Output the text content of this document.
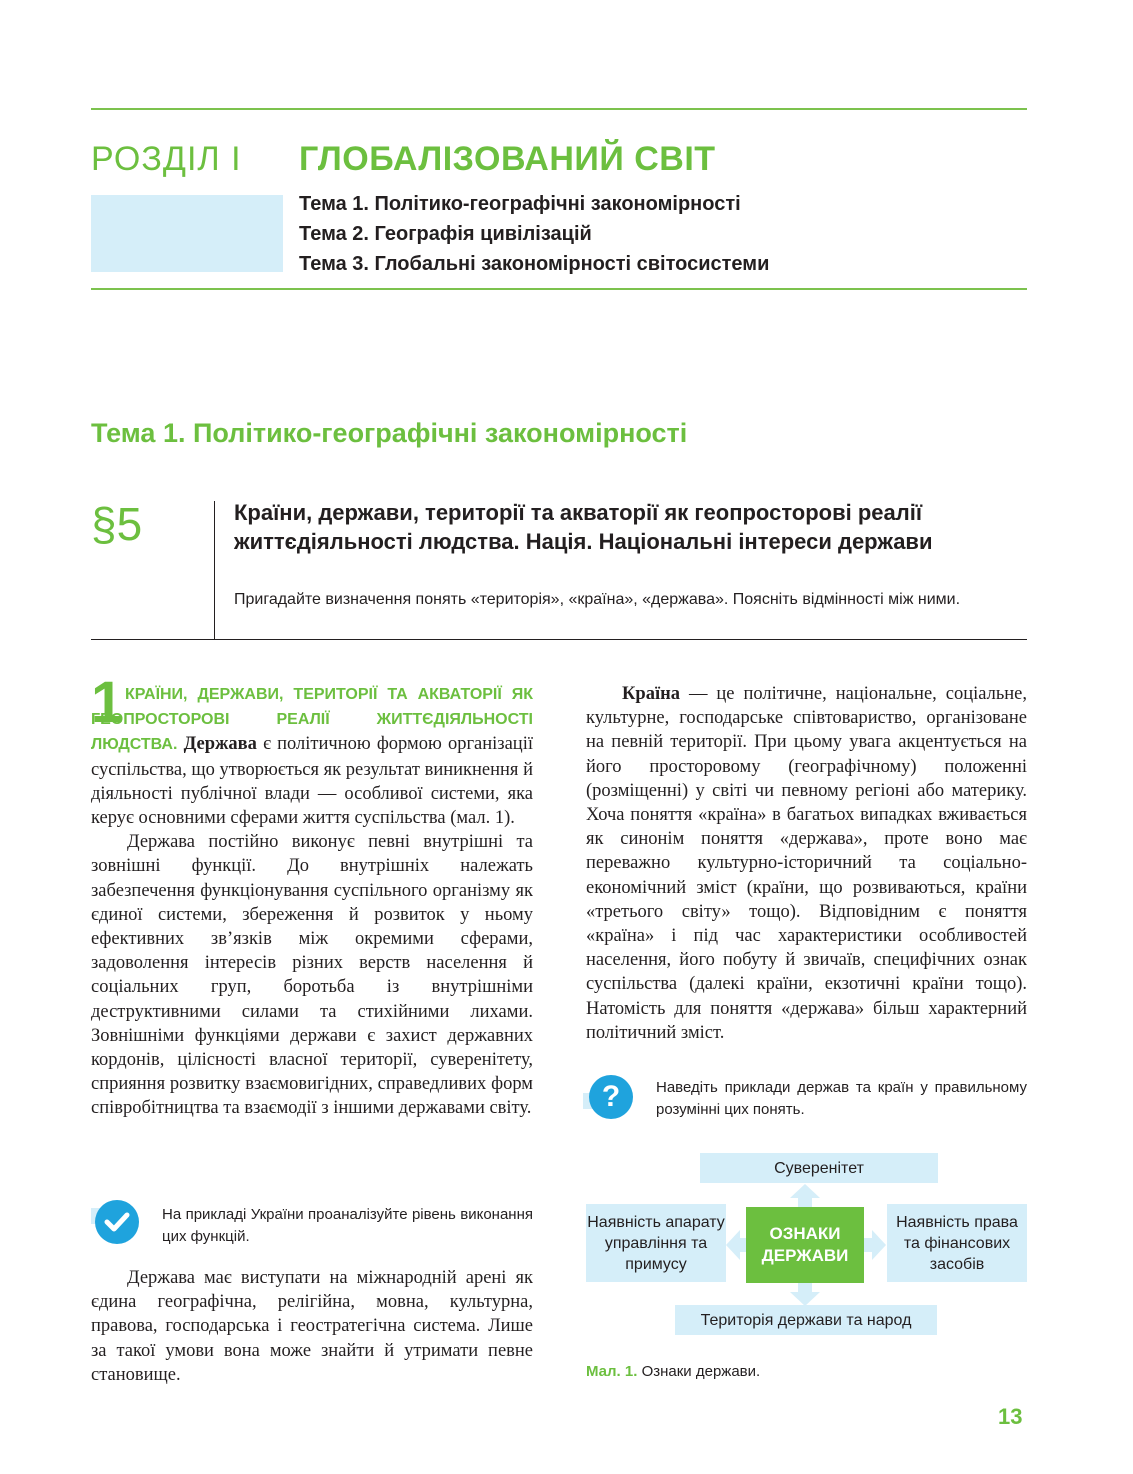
РОЗДІЛ І ГЛОБАЛІЗОВАНИЙ СВІТ
Тема 1. Політико-географічні закономірності
Тема 2. Географія цивілізацій
Тема 3. Глобальні закономірності світосистеми
Тема 1. Політико-географічні закономірності
§5	Країни, держави, території та акваторії як геопросторові реалії життєдіяльності людства. Нація. Національні інтереси держави
Пригадайте визначення понять «територія», «країна», «держава». Поясніть відмінності між ними.
1 КРАЇНИ, ДЕРЖАВИ, ТЕРИТОРІЇ ТА АКВАТОРІЇ ЯК ГЕОПРОСТОРОВІ РЕАЛІЇ ЖИТТЄДІЯЛЬНОСТІ ЛЮДСТВА. Держава є політичною формою організації суспільства, що утворюється як результат виникнення й діяльності публічної влади — особливої системи, яка керує основними сферами життя суспільства (мал. 1).

Держава постійно виконує певні внутрішні та зовнішні функції. До внутрішніх належать забезпечення функціонування суспільного організму як єдиної системи, збереження й розвиток у ньому ефективних зв’язків між окремими сферами, задоволення інтересів різних верств населення й соціальних груп, боротьба із внутрішніми деструктивними силами та стихійними лихами. Зовнішніми функціями держави є захист державних кордонів, цілісності власної території, суверенітету, сприяння розвитку взаємовигідних, справедливих форм співробітництва та взаємодії з іншими державами світу.

На прикладі України проаналізуйте рівень виконання цих функцій.

Держава має виступати на міжнародній арені як єдина географічна, релігійна, мовна, культурна, правова, господарська і геостратегічна система. Лише за такої умови вона може знайти й утримати певне становище.

Країна — це політичне, національне, соціальне, культурне, господарське співтовариство, організоване на певній території. При цьому увага акцентується на його просторовому (географічному) положенні (розміщенні) у світі чи певному регіоні або материку. Хоча поняття «країна» в багатьох випадках вживається як синонім поняття «держава», проте воно має переважно культурно-історичний та соціально-економічний зміст (країни, що розвиваються, країни «третього світу» тощо). Відповідним є поняття «країна» і під час характеристики особливостей населення, його побуту й звичаїв, специфічних ознак суспільства (далекі країни, екзотичні країни тощо). Натомість для поняття «держава» більш характерний політичний зміст.

?	Наведіть приклади держав та країн у правильному розумінні цих понять.
Суверенітет
Наявність апарату управління та примусу
ОЗНАКИ ДЕРЖАВИ
Наявність права та фінансових засобів
Територія держави та народ
Мал. 1. Ознаки держави.
13
